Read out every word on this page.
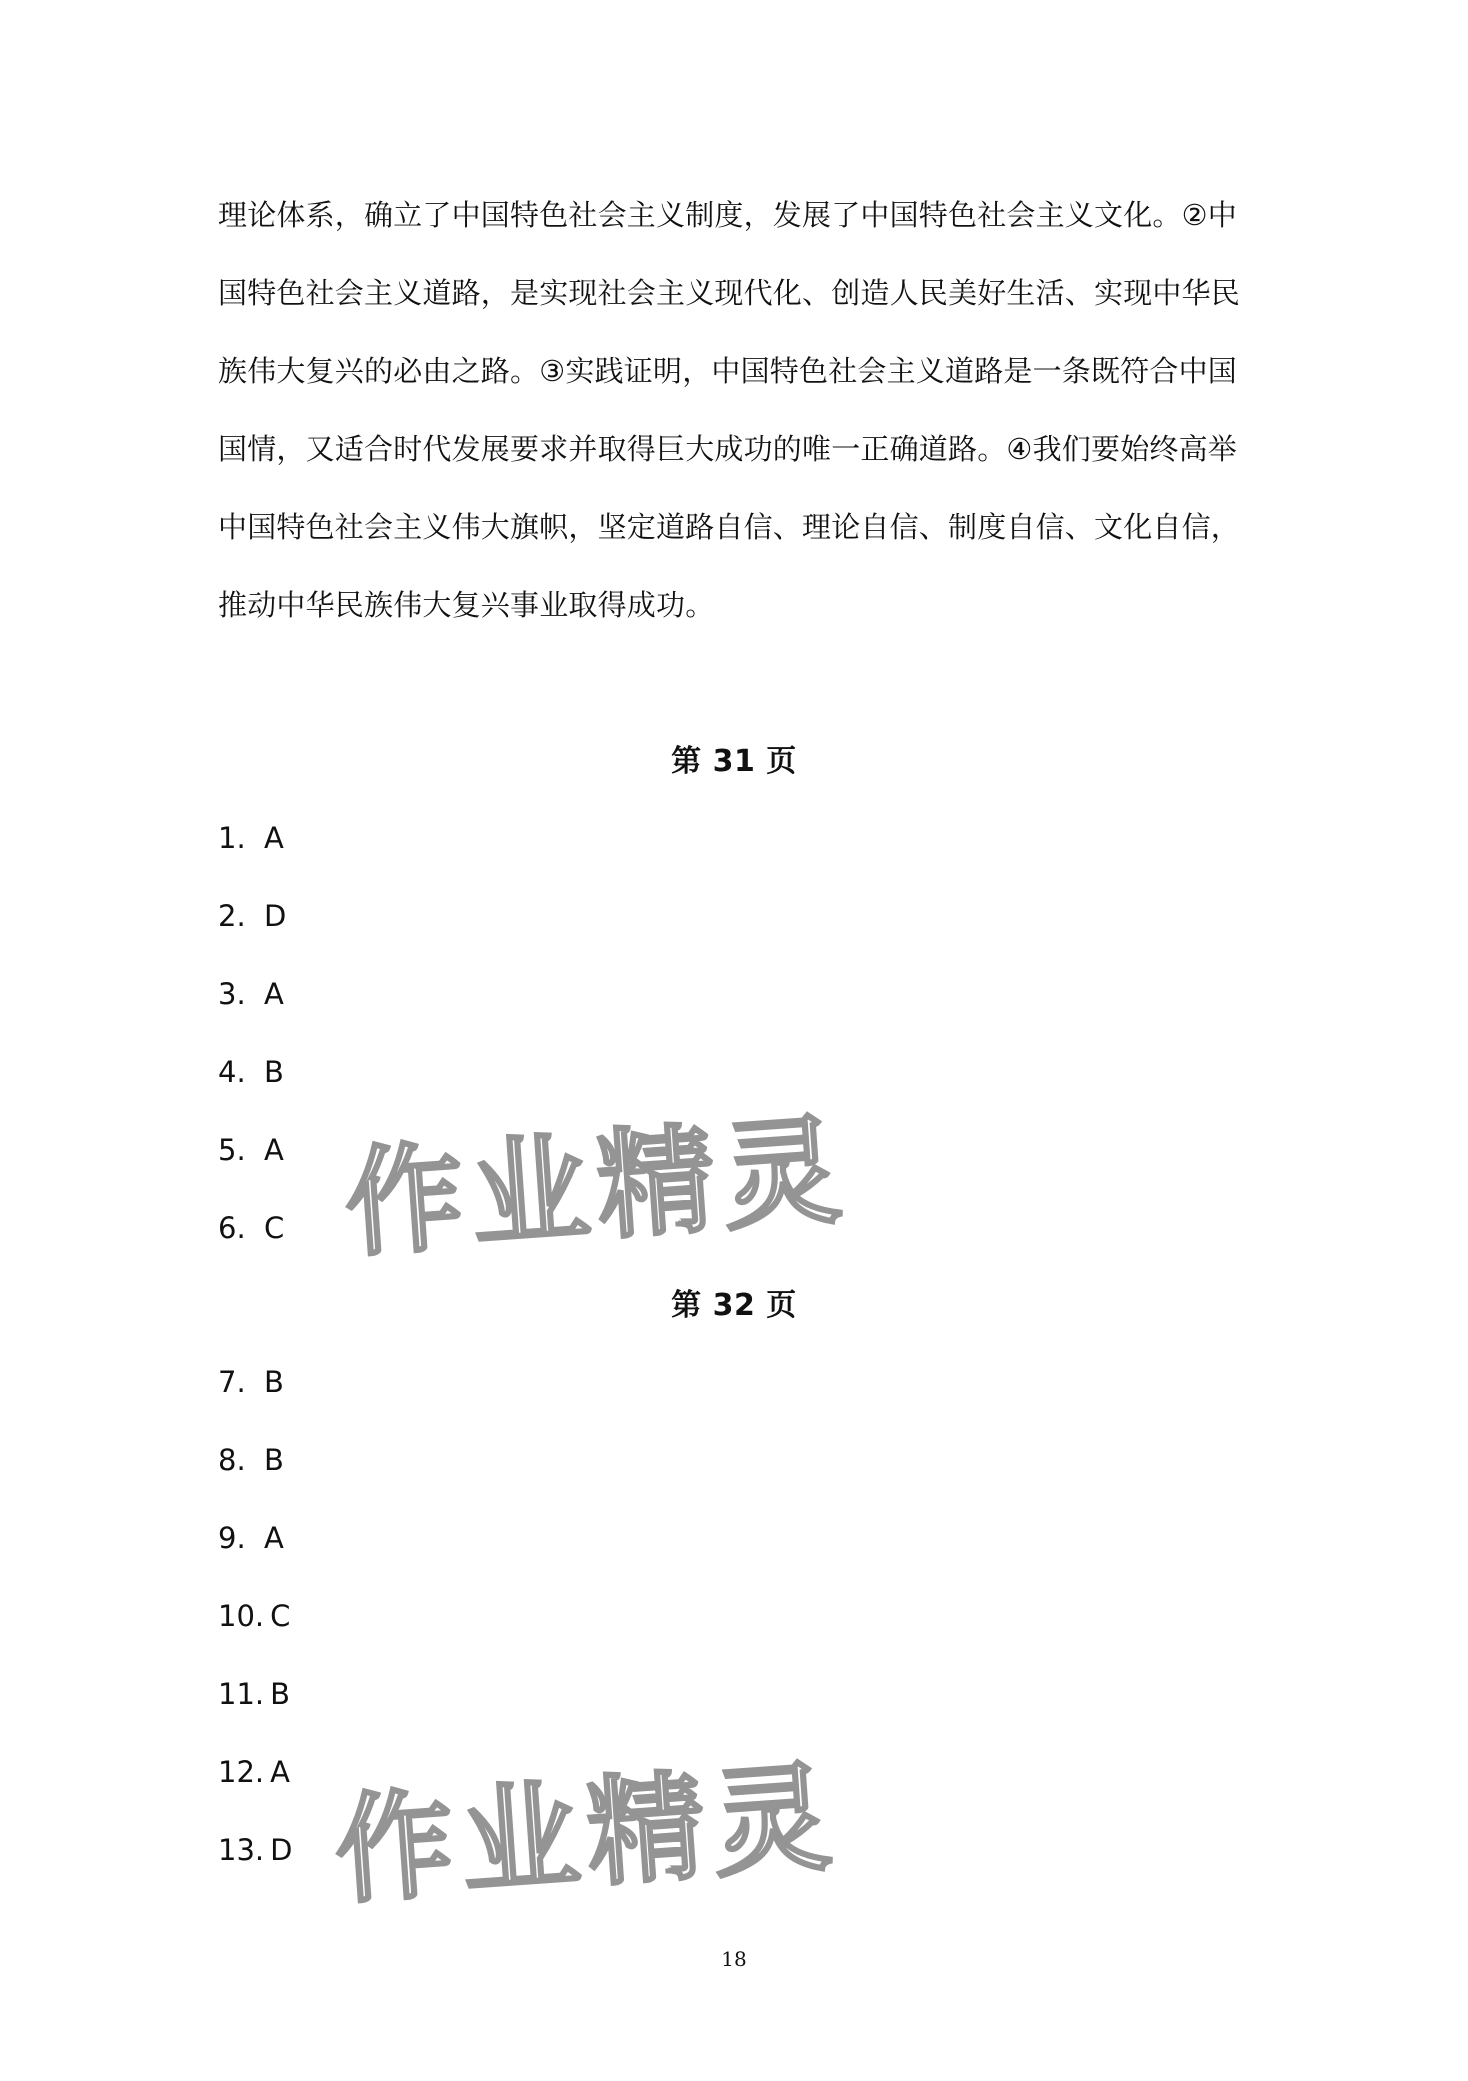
理论体系，确立了中国特色社会主义制度，发展了中国特色社会主义文化。②中
国特色社会主义道路，是实现社会主义现代化、创造人民美好生活、实现中华民
族伟大复兴的必由之路。③实践证明，中国特色社会主义道路是一条既符合中国
国情，又适合时代发展要求并取得巨大成功的唯一正确道路。④我们要始终高举
中国特色社会主义伟大旗帜，坚定道路自信、理论自信、制度自信、文化自信，
推动中华民族伟大复兴事业取得成功。
第 31 页
1. A
2. D
3. A
4. B
5. A
6. C
第 32 页
7. B
8. B
9. A
10. C
11. B
12. A
13. D
作业精灵
作业精灵
18
